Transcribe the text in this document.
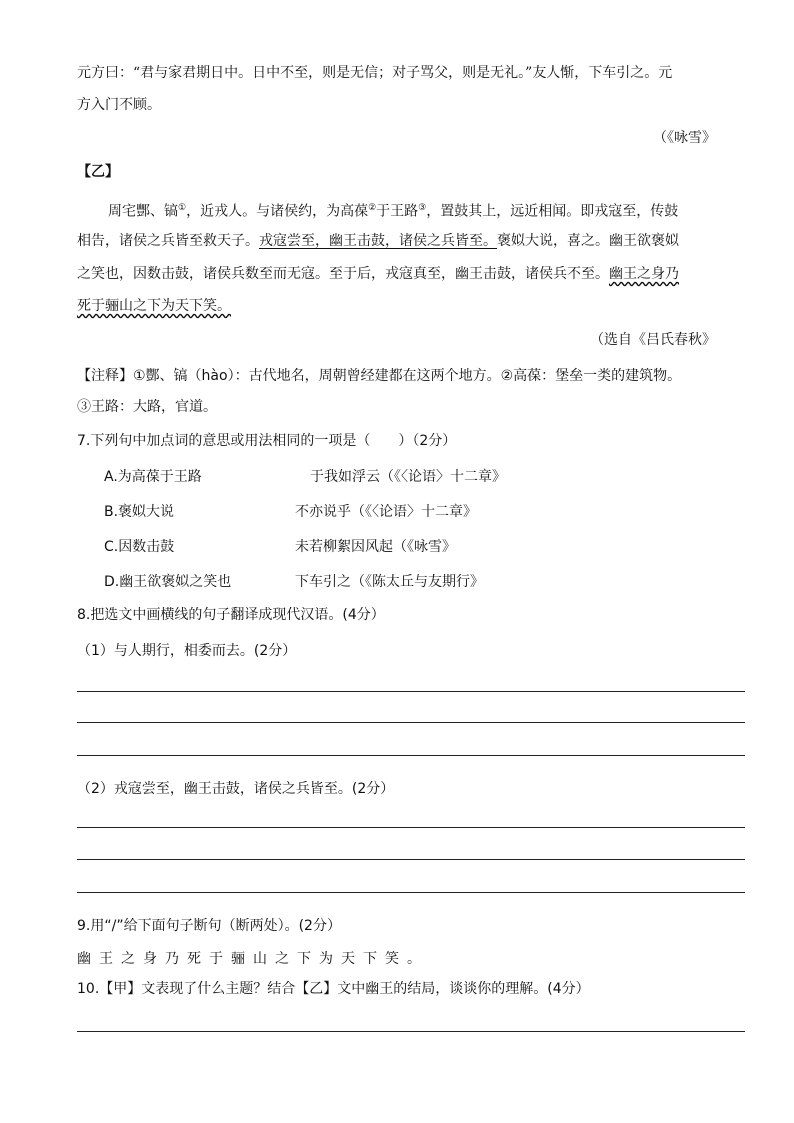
元方曰：“君与家君期日中。日中不至，则是无信；对子骂父，则是无礼。”友人惭，下车引之。元
方入门不顾。
（《咏雪》
【乙】
周宅酆、镐①，近戎人。与诸侯约，为高葆②于王路③，置鼓其上，远近相闻。即戎寇至，传鼓
相告，诸侯之兵皆至救天子。戎寇尝至，幽王击鼓，诸侯之兵皆至。褒姒大说，喜之。幽王欲褒姒
之笑也，因数击鼓，诸侯兵数至而无寇。至于后，戎寇真至，幽王击鼓，诸侯兵不至。幽王之身乃
死于骊山之下为天下笑。
（选自《吕氏春秋》
【注释】①酆、镐（hào）：古代地名，周朝曾经建都在这两个地方。②高葆：堡垒一类的建筑物。
③王路：大路，官道。
7.下列句中加点词的意思或用法相同的一项是（　　）（2分）
A.为高葆于王路	于我如浮云（《〈论语〉十二章》
B.褒姒大说	不亦说乎（《〈论语〉十二章》
C.因数击鼓	未若柳絮因风起（《咏雪》
D.幽王欲褒姒之笑也	下车引之（《陈太丘与友期行》
8.把选文中画横线的句子翻译成现代汉语。(4分）
（1）与人期行，相委而去。(2分）
（2）戎寇尝至，幽王击鼓，诸侯之兵皆至。(2分）
9.用“/”给下面句子断句（断两处）。(2分）
幽王之身乃死于骊山之下为天下笑。
10.【甲】文表现了什么主题？结合【乙】文中幽王的结局，谈谈你的理解。(4分）
